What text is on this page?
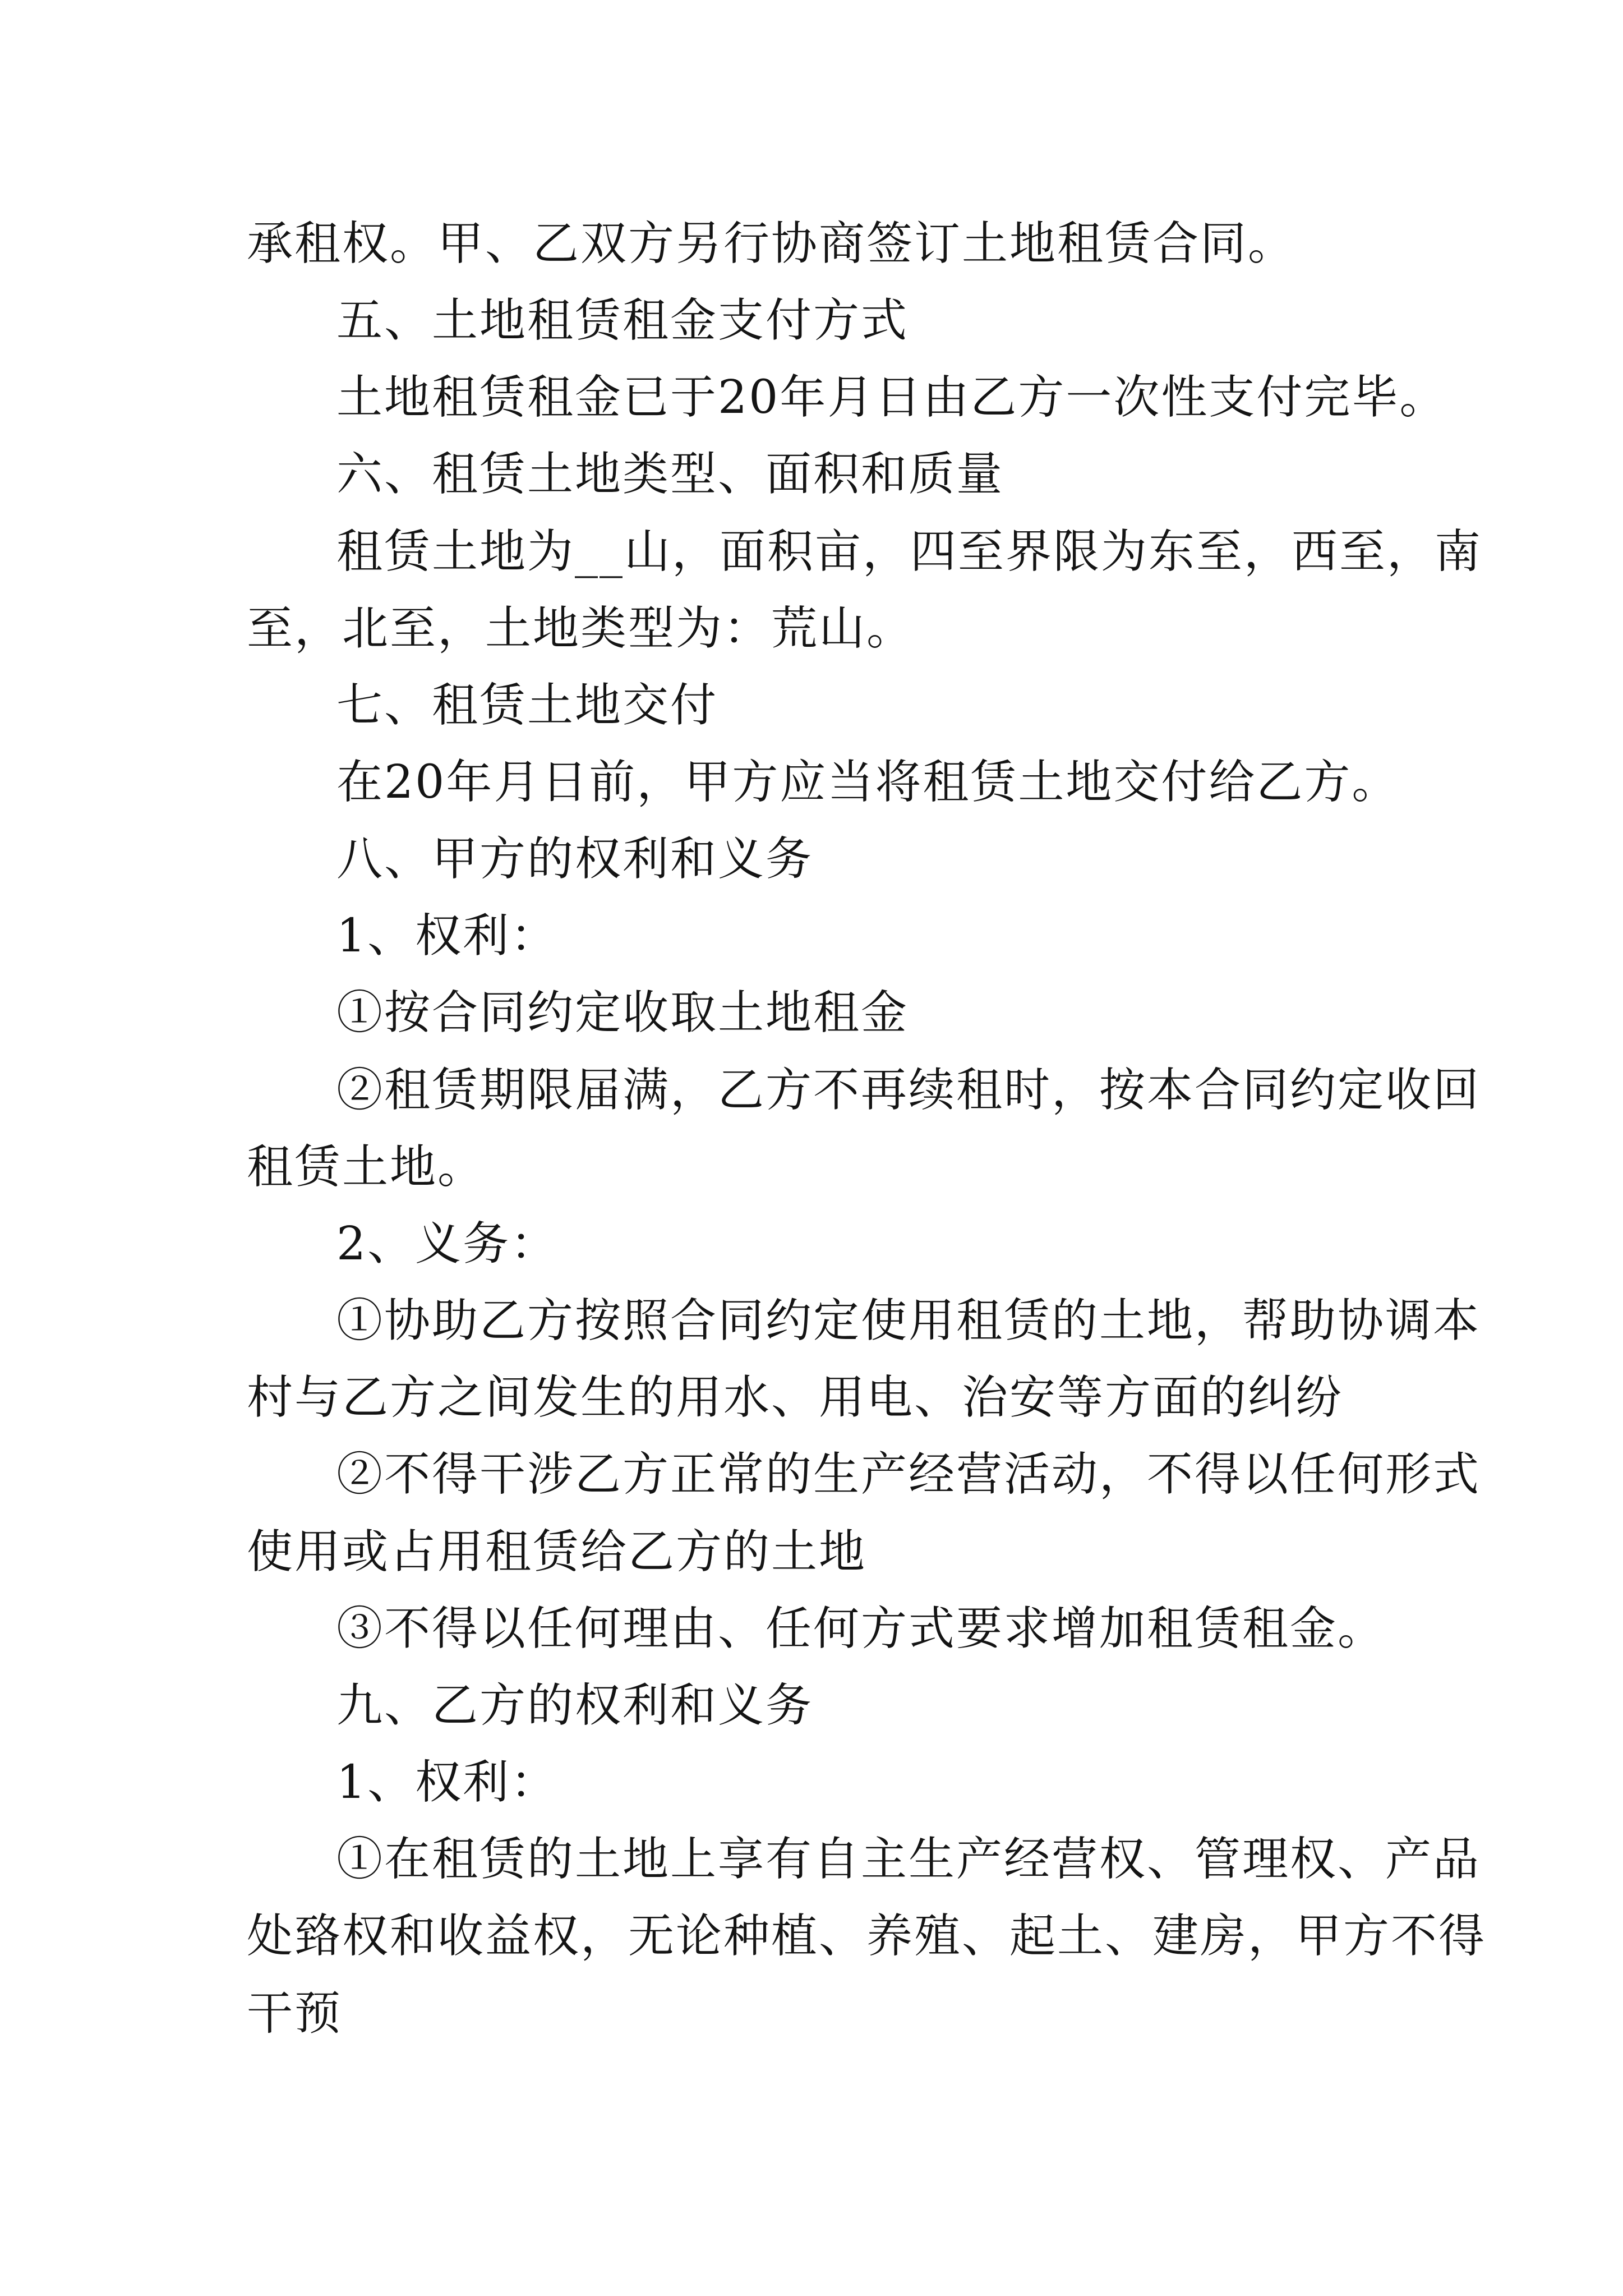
承租权。甲、乙双方另行协商签订土地租赁合同。
五、土地租赁租金支付方式
土地租赁租金已于20年月日由乙方一次性支付完毕。
六、租赁土地类型、面积和质量
租赁土地为__山，面积亩，四至界限为东至，西至，南
至，北至，土地类型为：荒山。
七、租赁土地交付
在20年月日前，甲方应当将租赁土地交付给乙方。
八、甲方的权利和义务
1、权利：
①按合同约定收取土地租金
②租赁期限届满，乙方不再续租时，按本合同约定收回
租赁土地。
2、义务：
①协助乙方按照合同约定使用租赁的土地，帮助协调本
村与乙方之间发生的用水、用电、治安等方面的纠纷
②不得干涉乙方正常的生产经营活动，不得以任何形式
使用或占用租赁给乙方的土地
③不得以任何理由、任何方式要求增加租赁租金。
九、乙方的权利和义务
1、权利：
①在租赁的土地上享有自主生产经营权、管理权、产品
处臵权和收益权，无论种植、养殖、起土、建房，甲方不得
干预
